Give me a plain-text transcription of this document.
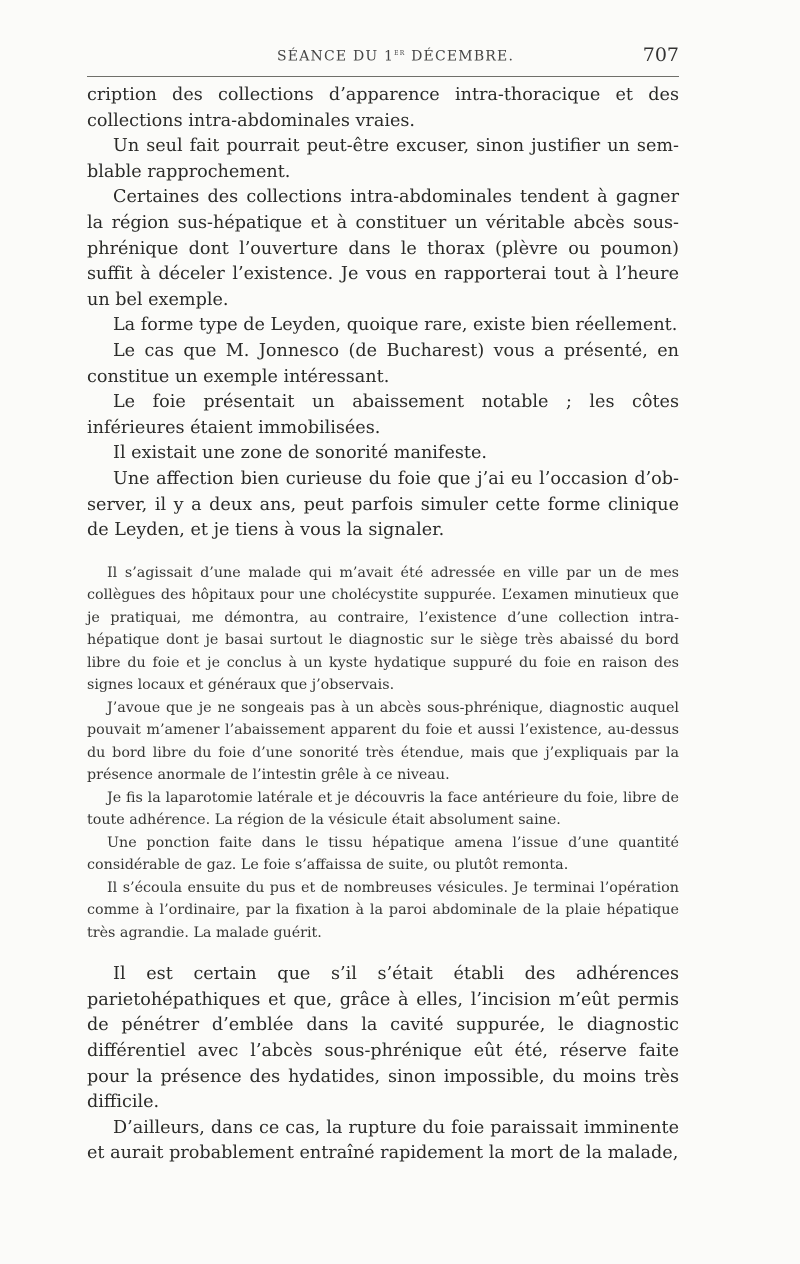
SÉANCE DU 1er DÉCEMBRE.	707

cription des collections d’apparence intra-thoracique et des collections intra-abdominales vraies.

Un seul fait pourrait peut-être excuser, sinon justifier un semblable rapprochement.

Certaines des collections intra-abdominales tendent à gagner la région sus-hépatique et à constituer un véritable abcès sous-phrénique dont l’ouverture dans le thorax (plèvre ou poumon) suffit à déceler l’existence. Je vous en rapporterai tout à l’heure un bel exemple.

La forme type de Leyden, quoique rare, existe bien réellement.

Le cas que M. Jonnesco (de Bucharest) vous a présenté, en constitue un exemple intéressant.

Le foie présentait un abaissement notable ; les côtes inférieures étaient immobilisées.

Il existait une zone de sonorité manifeste.

Une affection bien curieuse du foie que j’ai eu l’occasion d’observer, il y a deux ans, peut parfois simuler cette forme clinique de Leyden, et je tiens à vous la signaler.

Il s’agissait d’une malade qui m’avait été adressée en ville par un de mes collègues des hôpitaux pour une cholécystite suppurée. L’examen minutieux que je pratiquai, me démontra, au contraire, l’existence d’une collection intra-hépatique dont je basai surtout le diagnostic sur le siège très abaissé du bord libre du foie et je conclus à un kyste hydatique suppuré du foie en raison des signes locaux et généraux que j’observais.

J’avoue que je ne songeais pas à un abcès sous-phrénique, diagnostic auquel pouvait m’amener l’abaissement apparent du foie et aussi l’existence, au-dessus du bord libre du foie d’une sonorité très étendue, mais que j’expliquais par la présence anormale de l’intestin grêle à ce niveau.

Je fis la laparotomie latérale et je découvris la face antérieure du foie, libre de toute adhérence. La région de la vésicule était absolument saine.

Une ponction faite dans le tissu hépatique amena l’issue d’une quantité considérable de gaz. Le foie s’affaissa de suite, ou plutôt remonta.

Il s’écoula ensuite du pus et de nombreuses vésicules. Je terminai l’opération comme à l’ordinaire, par la fixation à la paroi abdominale de la plaie hépatique très agrandie. La malade guérit.

Il est certain que s’il s’était établi des adhérences parietohépathiques et que, grâce à elles, l’incision m’eût permis de pénétrer d’emblée dans la cavité suppurée, le diagnostic différentiel avec l’abcès sous-phrénique eût été, réserve faite pour la présence des hydatides, sinon impossible, du moins très difficile.

D’ailleurs, dans ce cas, la rupture du foie paraissait imminente et aurait probablement entraîné rapidement la mort de la malade,
